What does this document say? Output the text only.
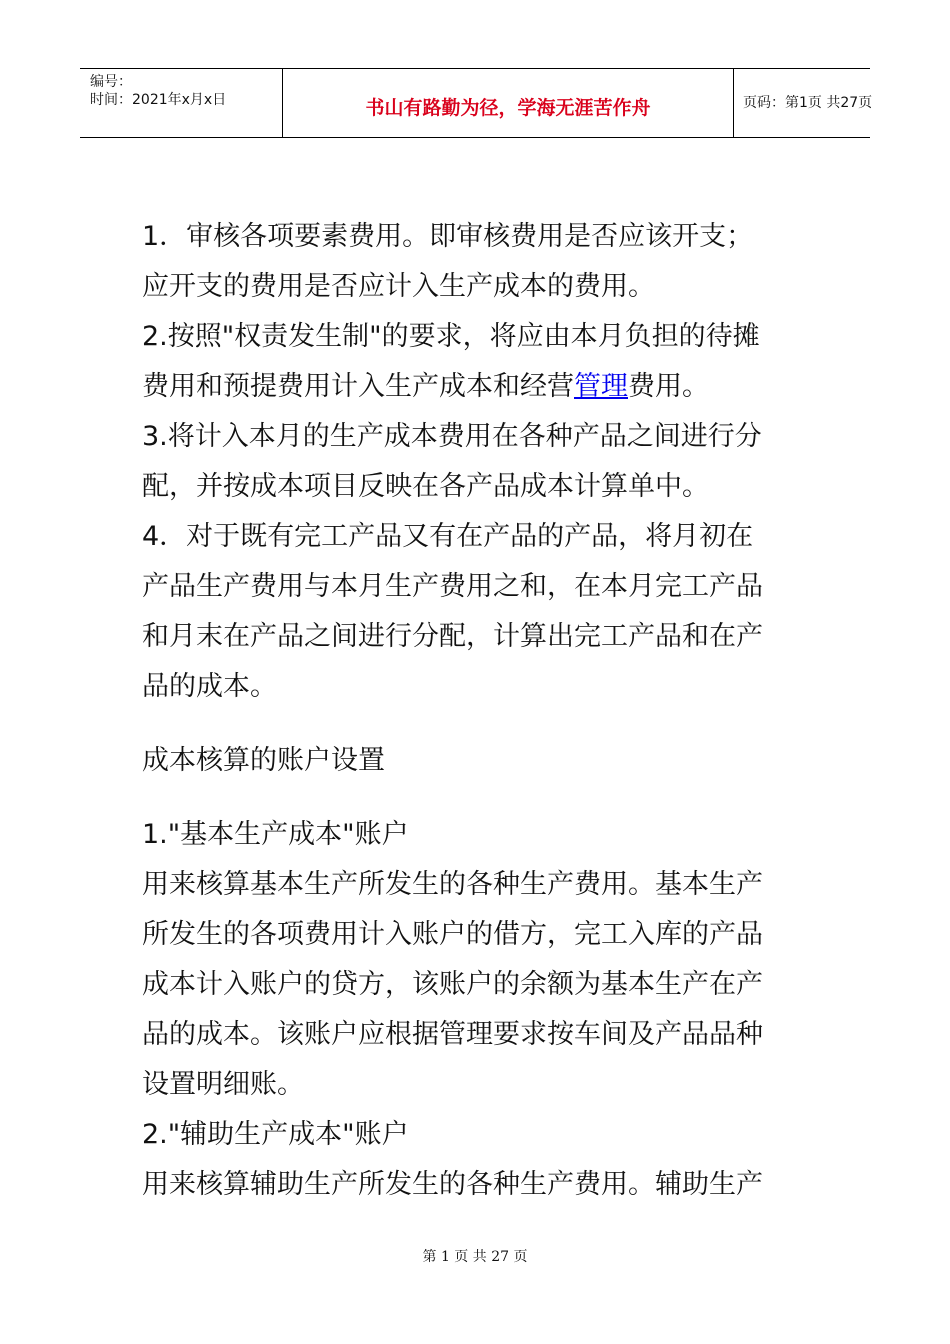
编号：
时间：2021年x月x日	书山有路勤为径，学海无涯苦作舟	页码：第1页 共27页
1．审核各项要素费用。即审核费用是否应该开支；
应开支的费用是否应计入生产成本的费用。
2.按照"权责发生制"的要求，将应由本月负担的待摊
费用和预提费用计入生产成本和经营管理费用。
3.将计入本月的生产成本费用在各种产品之间进行分
配，并按成本项目反映在各产品成本计算单中。
4．对于既有完工产品又有在产品的产品，将月初在
产品生产费用与本月生产费用之和，在本月完工产品
和月末在产品之间进行分配，计算出完工产品和在产
品的成本。
成本核算的账户设置
1."基本生产成本"账户
用来核算基本生产所发生的各种生产费用。基本生产
所发生的各项费用计入账户的借方，完工入库的产品
成本计入账户的贷方，该账户的余额为基本生产在产
品的成本。该账户应根据管理要求按车间及产品品种
设置明细账。
2."辅助生产成本"账户
用来核算辅助生产所发生的各种生产费用。辅助生产
第 1 页 共 27 页
